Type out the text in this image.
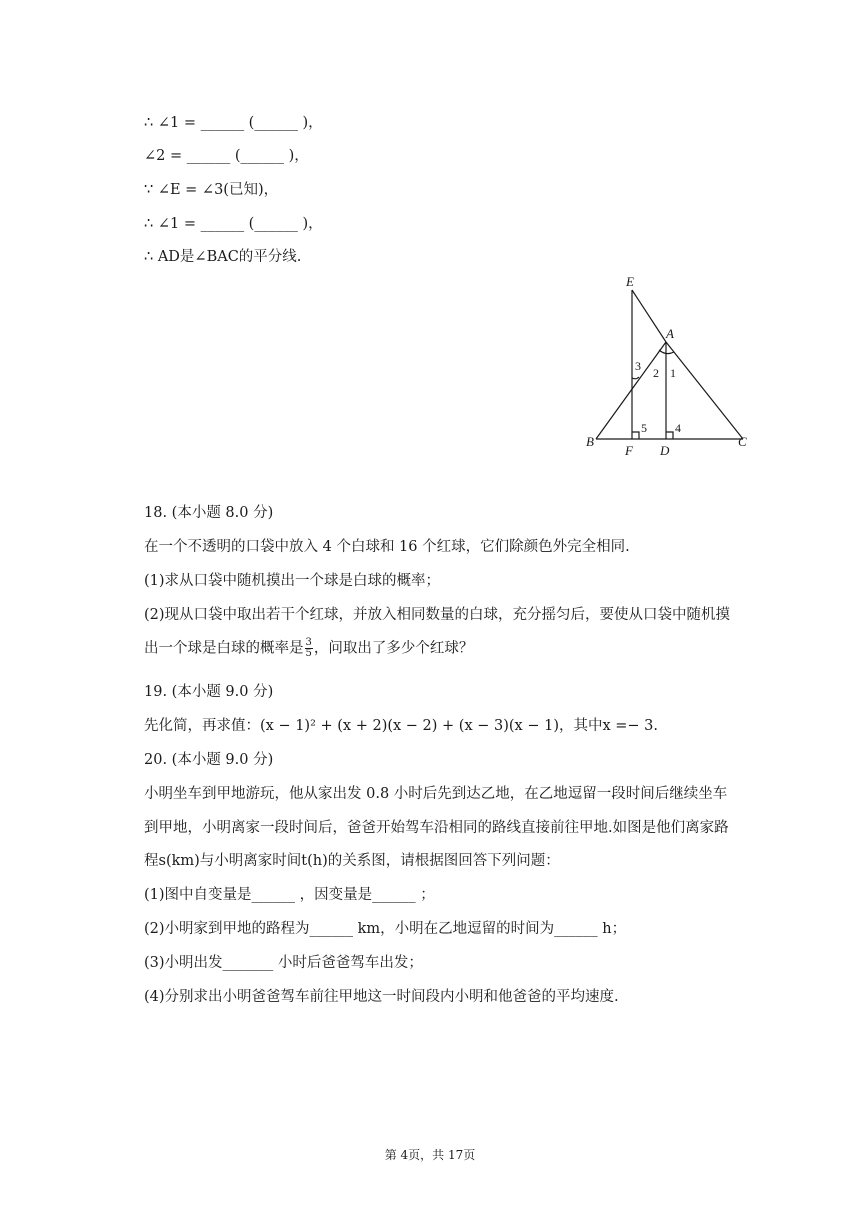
∴ ∠1 = ______ (______ )，
∠2 = ______ (______ )，
∵ ∠E = ∠3(已知)，
∴ ∠1 = ______ (______ )，
∴ AD是∠BAC的平分线.
E
A
B
F D
C
3 2 1
5 4
18. (本小题 8.0 分)
在一个不透明的口袋中放入 4 个白球和 16 个红球，它们除颜色外完全相同.
(1)求从口袋中随机摸出一个球是白球的概率；
(2)现从口袋中取出若干个红球，并放入相同数量的白球，充分摇匀后，要使从口袋中随机摸
出一个球是白球的概率是 $\frac{3}{5}$ ，问取出了多少个红球？
19. (本小题 9.0 分)
先化简，再求值：(x − 1)² + (x + 2)(x − 2) + (x − 3)(x − 1)，其中x =− 3.
20. (本小题 9.0 分)
小明坐车到甲地游玩，他从家出发 0.8 小时后先到达乙地，在乙地逗留一段时间后继续坐车
到甲地，小明离家一段时间后，爸爸开始驾车沿相同的路线直接前往甲地.如图是他们离家路
程s(km)与小明离家时间t(h)的关系图，请根据图回答下列问题：
(1)图中自变量是______ ，因变量是______ ；
(2)小明家到甲地的路程为______ km，小明在乙地逗留的时间为______ h；
(3)小明出发_______ 小时后爸爸驾车出发；
(4)分别求出小明爸爸驾车前往甲地这一时间段内小明和他爸爸的平均速度.
第 4页，共 17页
